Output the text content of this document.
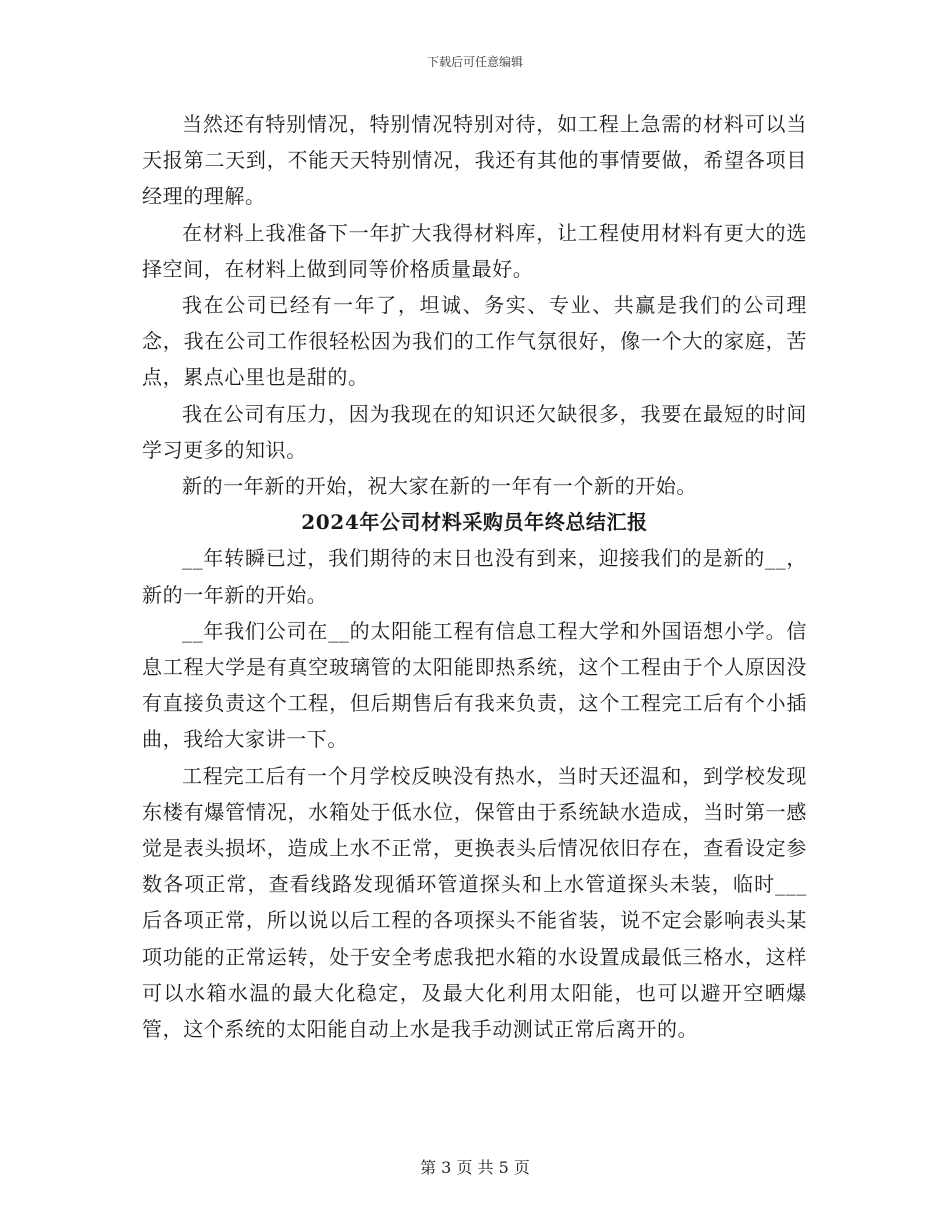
下载后可任意编辑

当然还有特别情况，特别情况特别对待，如工程上急需的材料可以当天报第二天到，不能天天特别情况，我还有其他的事情要做，希望各项目经理的理解。

在材料上我准备下一年扩大我得材料库，让工程使用材料有更大的选择空间，在材料上做到同等价格质量最好。

我在公司已经有一年了，坦诚、务实、专业、共赢是我们的公司理念，我在公司工作很轻松因为我们的工作气氛很好，像一个大的家庭，苦点，累点心里也是甜的。

我在公司有压力，因为我现在的知识还欠缺很多，我要在最短的时间学习更多的知识。

新的一年新的开始，祝大家在新的一年有一个新的开始。

2024年公司材料采购员年终总结汇报

__年转瞬已过，我们期待的末日也没有到来，迎接我们的是新的__，新的一年新的开始。

__年我们公司在__的太阳能工程有信息工程大学和外国语想小学。信息工程大学是有真空玻璃管的太阳能即热系统，这个工程由于个人原因没有直接负责这个工程，但后期售后有我来负责，这个工程完工后有个小插曲，我给大家讲一下。

工程完工后有一个月学校反映没有热水，当时天还温和，到学校发现东楼有爆管情况，水箱处于低水位，保管由于系统缺水造成，当时第一感觉是表头损坏，造成上水不正常，更换表头后情况依旧存在，查看设定参数各项正常，查看线路发现循环管道探头和上水管道探头未装，临时___后各项正常，所以说以后工程的各项探头不能省装，说不定会影响表头某项功能的正常运转，处于安全考虑我把水箱的水设置成最低三格水，这样可以水箱水温的最大化稳定，及最大化利用太阳能，也可以避开空晒爆管，这个系统的太阳能自动上水是我手动测试正常后离开的。

第 3 页 共 5 页
